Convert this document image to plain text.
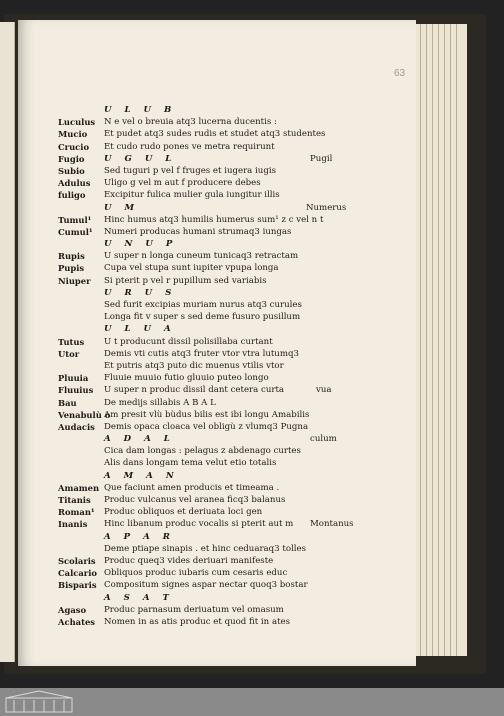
63
U L U B
Luculus	N e vel o breuia atq3 lucerna ducentis :
Mucio	Et pudet atq3 sudes rudis et studet atq3 studentes
Crucio	Et cudo rudo pones ve metra requirunt
Fugio	U G U L	Pugil
Subio	Sed tuguri p vel f fruges et iugera iugis
Adulus	Uligo g vel m aut f producere debes
fuligo	Excipitur fulica mulier gula iungitur illis
U M	Numerus
Tumul¹	Hinc humus atq3 humilis humerus sum¹ z c vel n t
Cumul¹	Numeri producas humani strumaq3 iungas
U N U P
Rupis	U super n longa cuneum tunicaq3 retractam
Pupis	Cupa vel stupa sunt iupiter vpupa longa
Niuper	Si pterit p vel r pupillum sed variabis
U R U S
Sed furit excipias muriam nurus atq3 curules
Longa fit v super s sed deme fusuro pusillum
U L U A
Tutus	U t producunt dissil polisillaba curtant
Utor	Demis vti cutis atq3 fruter vtor vtra lutumq3
Et putris atq3 puto dic muenus vtilis vtor
Pluuia	Fluuie muuio futio gluuio puteo longo
Fluuius	U super n produc dissil dant cetera curta	vua
Bau	De medijs sillabis A B A L
Venabulù o
Am presit vlù bùdus bilis est ibi longu Amabilis
Audacis	Demis opaca cloaca vel obligù z vlumq3 Pugna
A D A L	culum
Cica dam longas : pelagus z abdenago curtes
Alis dans longam tema velut etio totalis
A M A N
Amamen Que faciunt amen producis et timeama .
Titanis	Produc vulcanus vel aranea ficq3 balanus
Roman¹	Produc obliquos et deriuata loci gen
Inanis	Hinc libanum produc vocalis si pterit aut m Montanus
A P A R
Deme ptiape sinapis . et hinc ceduaraq3 tolles
Scolaris Produc queq3 vides deriuari manifeste
Calcario Obliquos produc iubaris cum cesaris educ
Bisparis Compositum signes aspar nectar quoq3 bostar
A S A T
Agaso	Produc parnasum deriuatum vel omasum
Achates	Nomen in as atis produc et quod fit in ates
